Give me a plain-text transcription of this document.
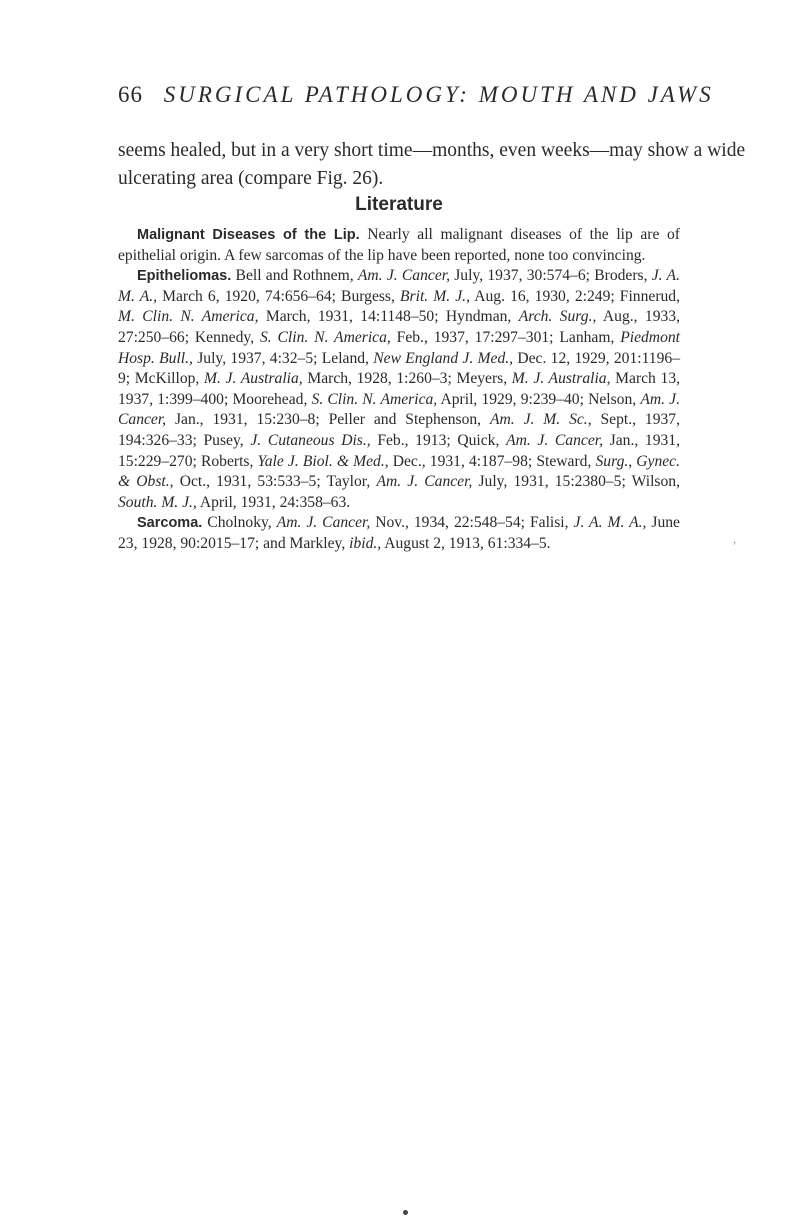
66 SURGICAL PATHOLOGY: MOUTH AND JAWS

seems healed, but in a very short time—months, even weeks—may show a wide ulcerating area (compare Fig. 26).

Literature

Malignant Diseases of the Lip. Nearly all malignant diseases of the lip are of epithelial origin. A few sarcomas of the lip have been reported, none too convincing.

Epitheliomas. Bell and Rothnem, Am. J. Cancer, July, 1937, 30:574–6; Broders, J. A. M. A., March 6, 1920, 74:656–64; Burgess, Brit. M. J., Aug. 16, 1930, 2:249; Finnerud, M. Clin. N. America, March, 1931, 14:1148–50; Hyndman, Arch. Surg., Aug., 1933, 27:250–66; Kennedy, S. Clin. N. America, Feb., 1937, 17:297–301; Lanham, Piedmont Hosp. Bull., July, 1937, 4:32–5; Leland, New England J. Med., Dec. 12, 1929, 201:1196–9; McKillop, M. J. Australia, March, 1928, 1:260–3; Meyers, M. J. Australia, March 13, 1937, 1:399–400; Moorehead, S. Clin. N. America, April, 1929, 9:239–40; Nelson, Am. J. Cancer, Jan., 1931, 15:230–8; Peller and Stephenson, Am. J. M. Sc., Sept., 1937, 194:326–33; Pusey, J. Cutaneous Dis., Feb., 1913; Quick, Am. J. Cancer, Jan., 1931, 15:229–270; Roberts, Yale J. Biol. & Med., Dec., 1931, 4:187–98; Steward, Surg., Gynec. & Obst., Oct., 1931, 53:533–5; Taylor, Am. J. Cancer, July, 1931, 15:2380–5; Wilson, South. M. J., April, 1931, 24:358–63.

Sarcoma. Cholnoky, Am. J. Cancer, Nov., 1934, 22:548–54; Falisi, J. A. M. A., June 23, 1928, 90:2015–17; and Markley, ibid., August 2, 1913, 61:334–5.	,
